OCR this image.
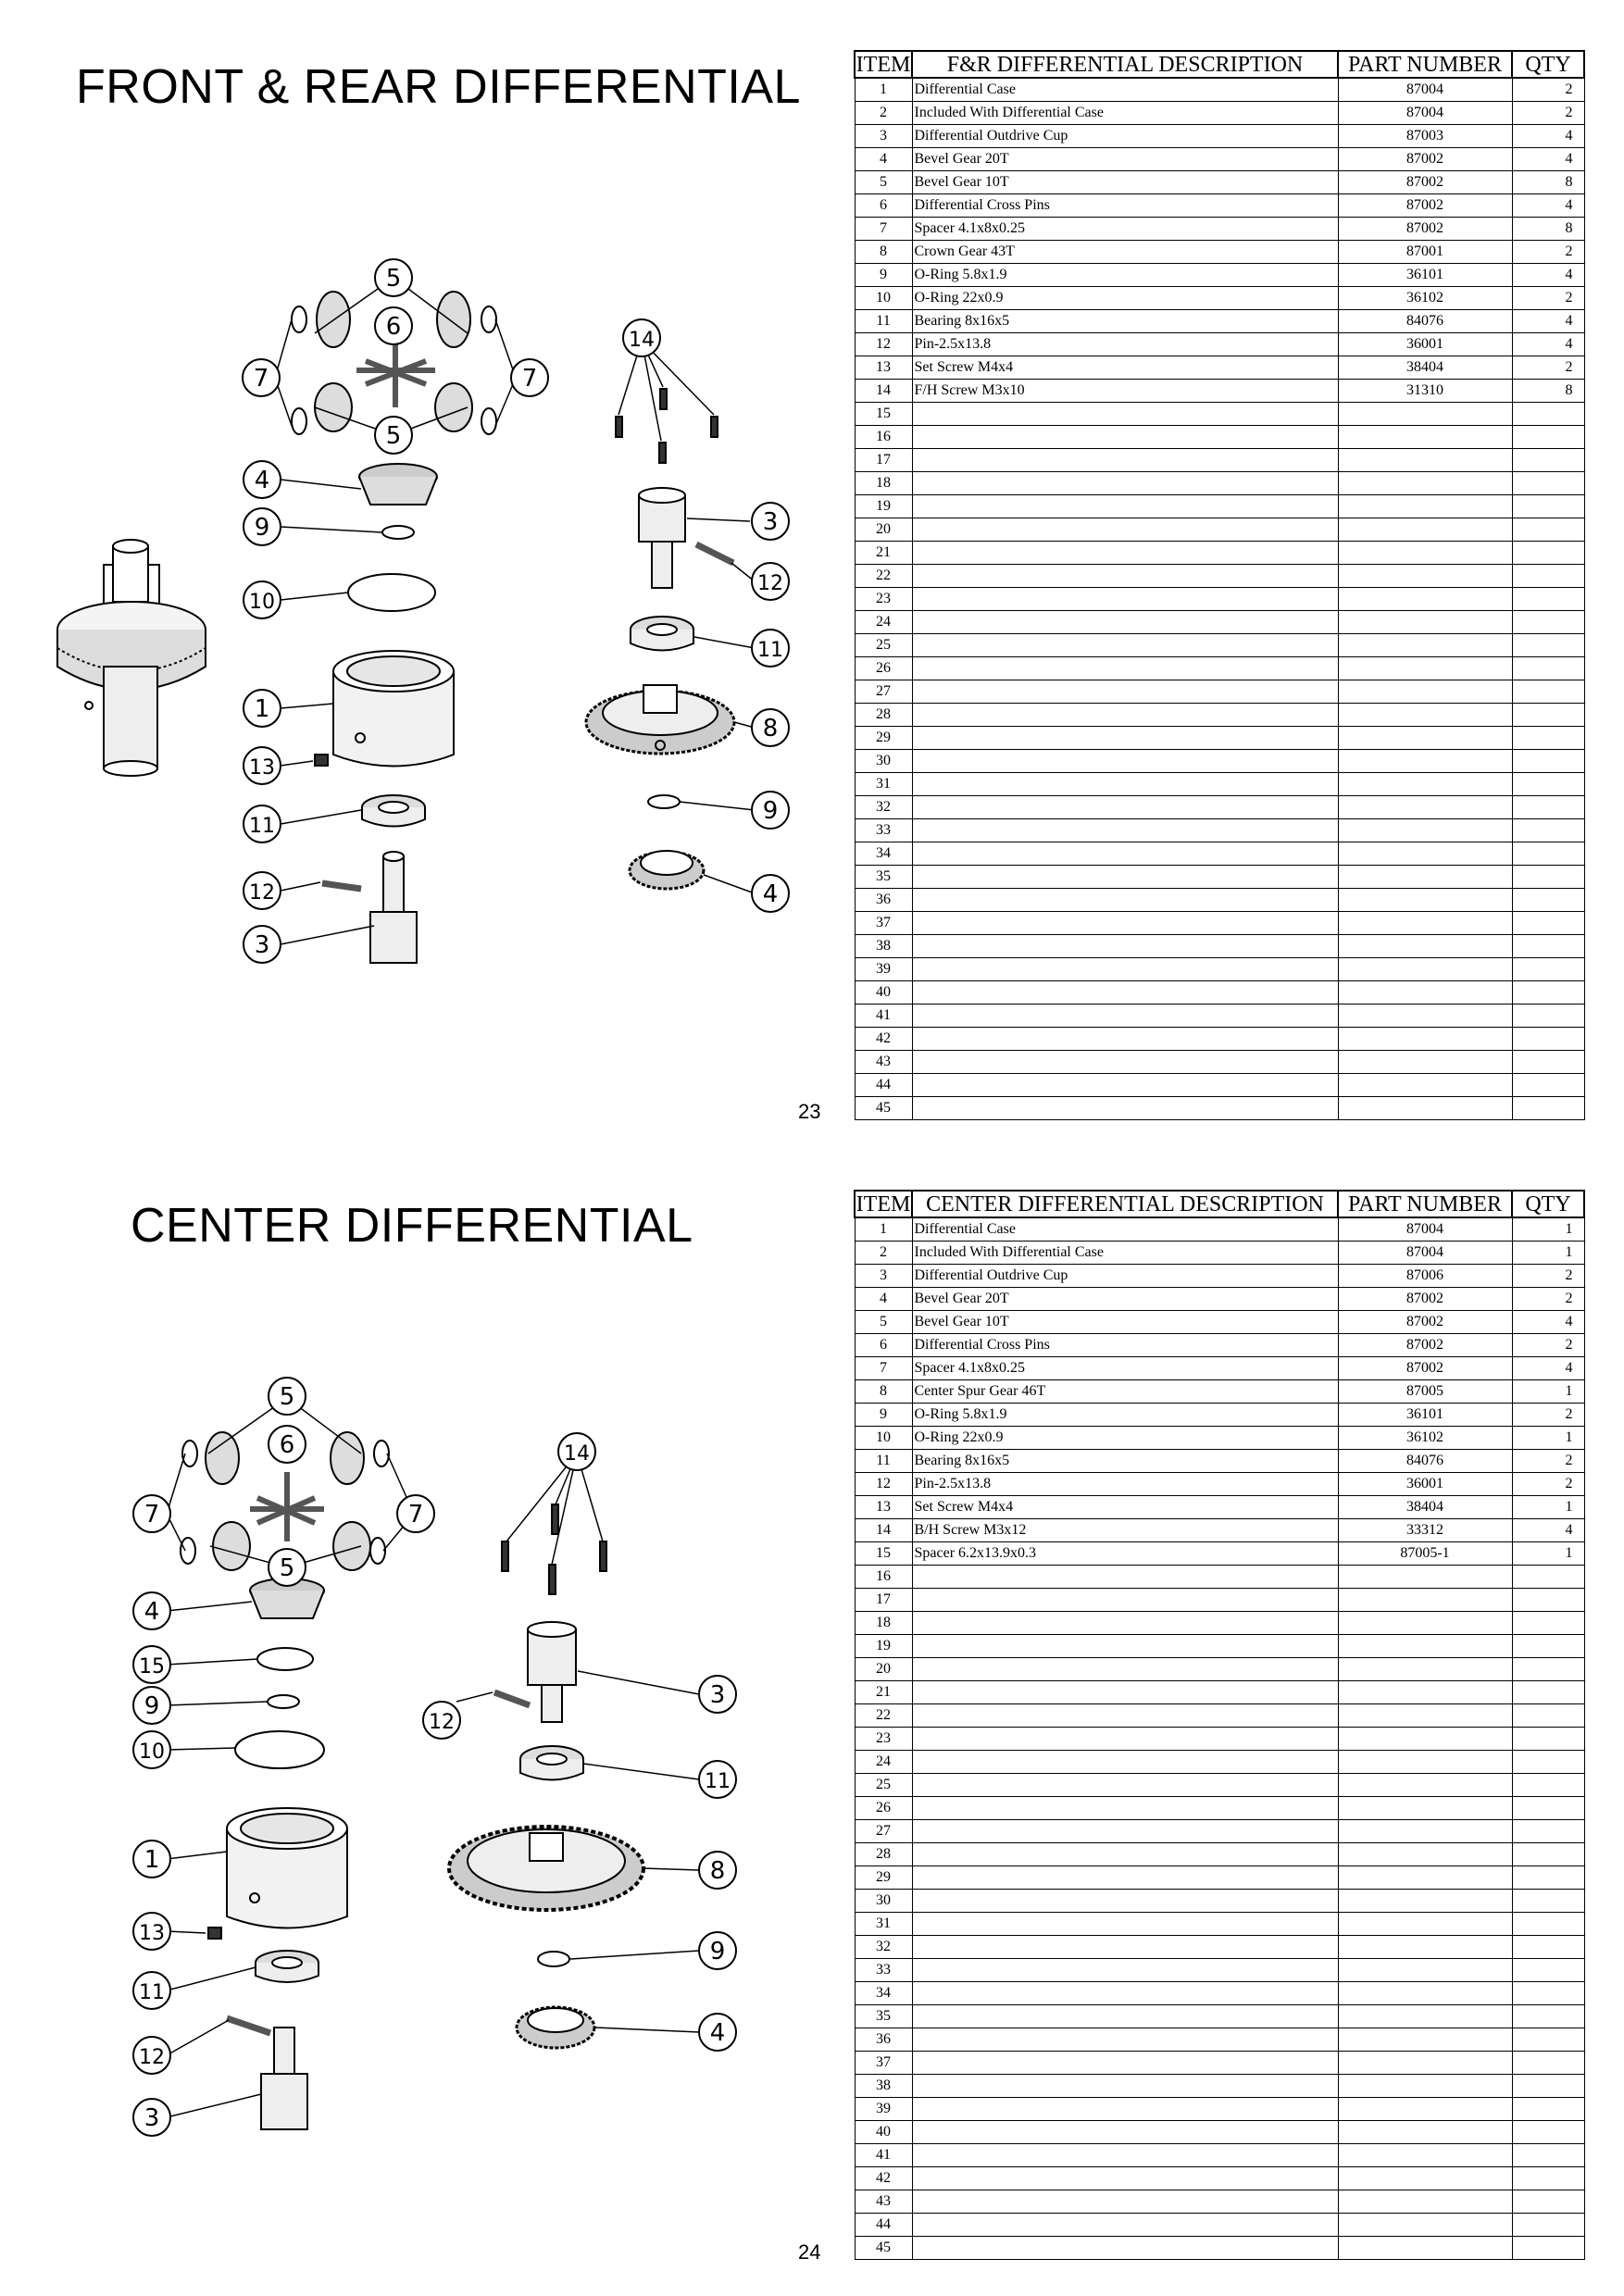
FRONT & REAR DIFFERENTIAL
5
6
7	7
5
4
9
10
1
13
11
12
3
14
3
12
11
8
9
4
ITEM	F&R DIFFERENTIAL DESCRIPTION	PART NUMBER	QTY
1	Differential Case	87004	2
2	Included With Differential Case	87004	2
3	Differential Outdrive Cup	87003	4
4	Bevel Gear 20T	87002	4
5	Bevel Gear 10T	87002	8
6	Differential Cross Pins	87002	4
7	Spacer 4.1x8x0.25	87002	8
8	Crown Gear 43T	87001	2
9	O-Ring 5.8x1.9	36101	4
10	O-Ring 22x0.9	36102	2
11	Bearing 8x16x5	84076	4
12	Pin-2.5x13.8	36001	4
13	Set Screw M4x4	38404	2
14	F/H Screw M3x10	31310	8
15			
16			
17			
18			
19			
20			
21			
22			
23			
24			
25			
26			
27			
28			
29			
30			
31			
32			
33			
34			
35			
36			
37			
38			
39			
40			
41			
42			
43			
44			
45			
23
CENTER DIFFERENTIAL
5
6
7	7
5
4
15
9
10
1
13
11
12
3
14
12
3
11
8
9
4
ITEM	CENTER DIFFERENTIAL DESCRIPTION	PART NUMBER	QTY
1	Differential Case	87004	1
2	Included With Differential Case	87004	1
3	Differential Outdrive Cup	87006	2
4	Bevel Gear 20T	87002	2
5	Bevel Gear 10T	87002	4
6	Differential Cross Pins	87002	2
7	Spacer 4.1x8x0.25	87002	4
8	Center Spur Gear 46T	87005	1
9	O-Ring 5.8x1.9	36101	2
10	O-Ring 22x0.9	36102	1
11	Bearing 8x16x5	84076	2
12	Pin-2.5x13.8	36001	2
13	Set Screw M4x4	38404	1
14	B/H Screw M3x12	33312	4
15	Spacer 6.2x13.9x0.3	87005-1	1
16			
17			
18			
19			
20			
21			
22			
23			
24			
25			
26			
27			
28			
29			
30			
31			
32			
33			
34			
35			
36			
37			
38			
39			
40			
41			
42			
43			
44			
45			
24
